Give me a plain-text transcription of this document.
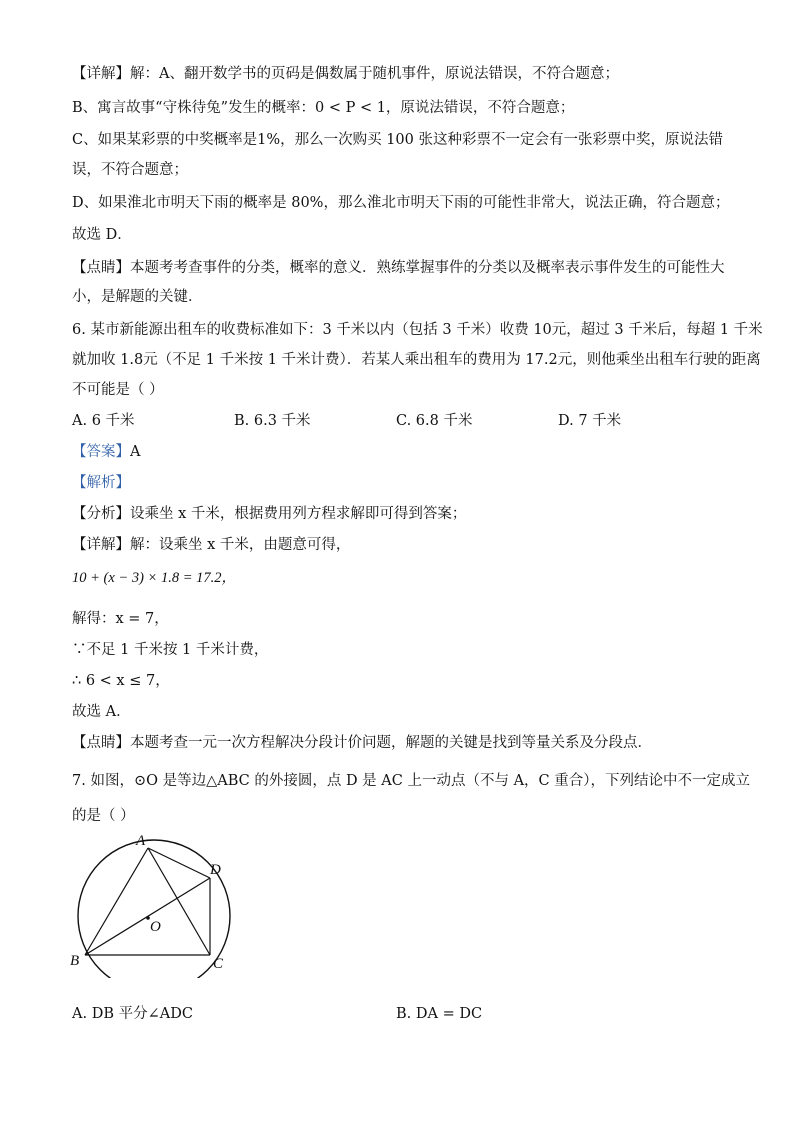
【详解】解：A、翻开数学书的页码是偶数属于随机事件，原说法错误，不符合题意；
B、寓言故事“守株待兔”发生的概率：0 < P < 1，原说法错误，不符合题意；
C、如果某彩票的中奖概率是1%，那么一次购买 100 张这种彩票不一定会有一张彩票中奖，原说法错
误，不符合题意；
D、如果淮北市明天下雨的概率是 80%，那么淮北市明天下雨的可能性非常大，说法正确，符合题意；
故选 D．
【点睛】本题考考查事件的分类，概率的意义．熟练掌握事件的分类以及概率表示事件发生的可能性大
小，是解题的关键．
6. 某市新能源出租车的收费标准如下：3 千米以内（包括 3 千米）收费 10元，超过 3 千米后，每超 1 千米
就加收 1.8元（不足 1 千米按 1 千米计费）．若某人乘出租车的费用为 17.2元，则他乘坐出租车行驶的距离
不可能是（ ）
A. 6 千米	B. 6.3 千米	C. 6.8 千米	D. 7 千米
【答案】A
【解析】
【分析】设乘坐 x 千米，根据费用列方程求解即可得到答案；
【详解】解：设乘坐 x 千米，由题意可得，
10 + (x − 3) × 1.8 = 17.2，
解得：x = 7，
∵不足 1 千米按 1 千米计费，
∴ 6 < x ≤ 7，
故选 A．
【点睛】本题考查一元一次方程解决分段计价问题，解题的关键是找到等量关系及分段点．
7. 如图，⊙O 是等边△ABC 的外接圆，点 D 是 AC 上一动点（不与 A，C 重合），下列结论中不一定成立
的是（ ）
A
B	C
D
O
A. DB 平分∠ADC	B. DA = DC
